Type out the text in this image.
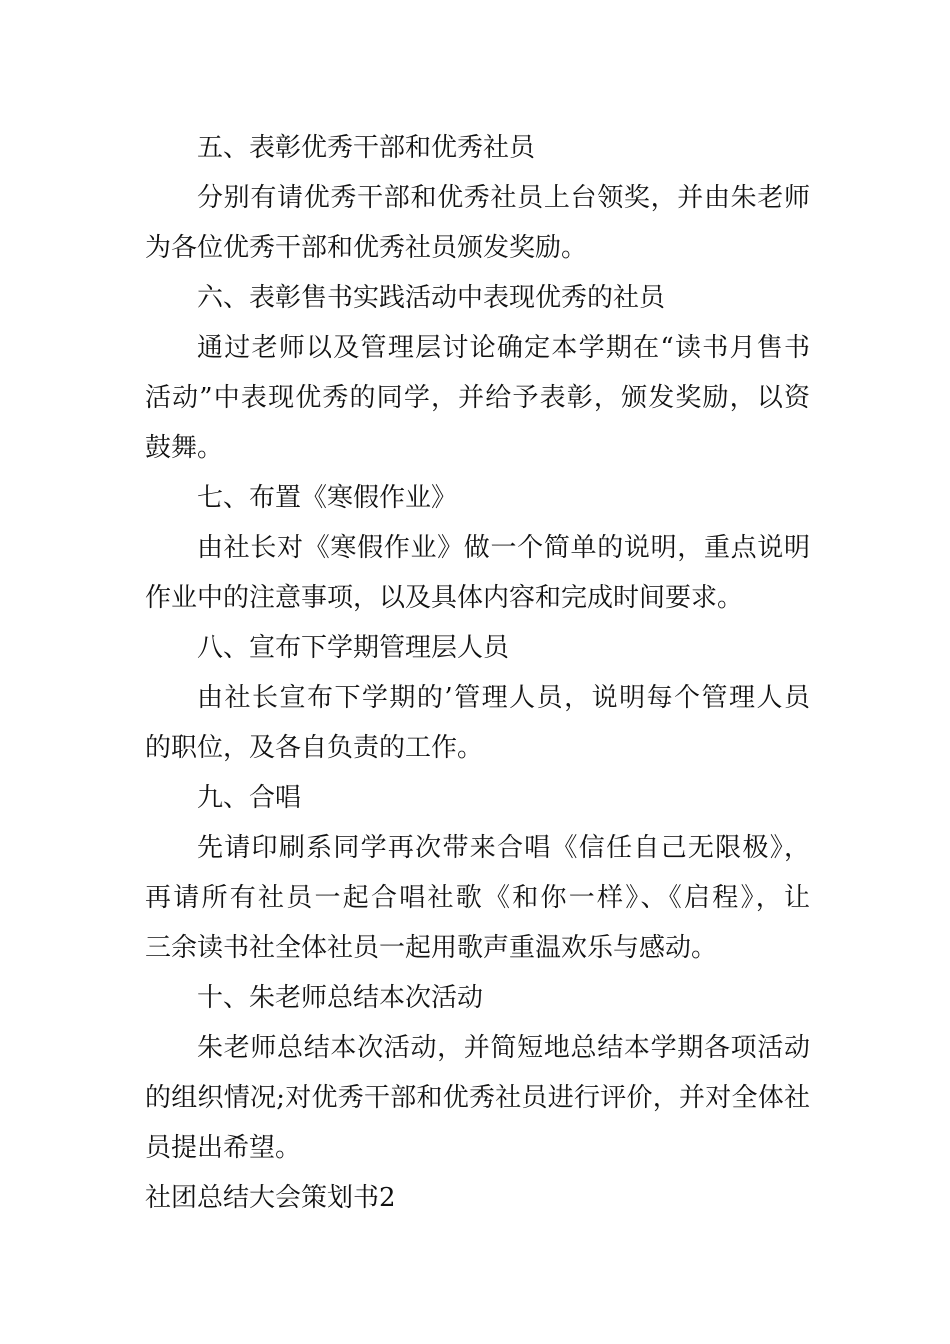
五、表彰优秀干部和优秀社员
分别有请优秀干部和优秀社员上台领奖，并由朱老师
为各位优秀干部和优秀社员颁发奖励。
六、表彰售书实践活动中表现优秀的社员
通过老师以及管理层讨论确定本学期在“读书月售书
活动”中表现优秀的同学，并给予表彰，颁发奖励，以资
鼓舞。
七、布置《寒假作业》
由社长对《寒假作业》做一个简单的说明，重点说明
作业中的注意事项，以及具体内容和完成时间要求。
八、宣布下学期管理层人员
由社长宣布下学期的’管理人员，说明每个管理人员
的职位，及各自负责的工作。
九、合唱
先请印刷系同学再次带来合唱《信任自己无限极》，
再请所有社员一起合唱社歌《和你一样》、《启程》，让
三余读书社全体社员一起用歌声重温欢乐与感动。
十、朱老师总结本次活动
朱老师总结本次活动，并简短地总结本学期各项活动
的组织情况;对优秀干部和优秀社员进行评价，并对全体社
员提出希望。
社团总结大会策划书2
